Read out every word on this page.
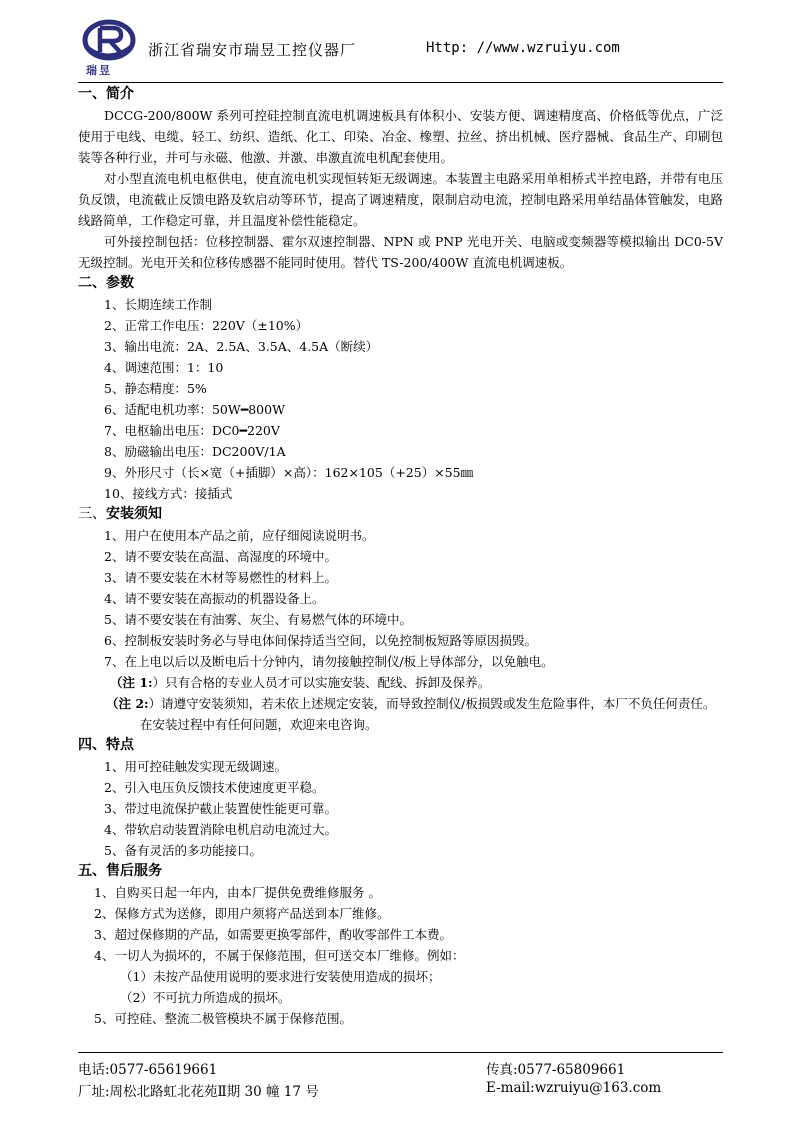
瑞昱
浙江省瑞安市瑞昱工控仪器厂	Http: //www.wzruiyu.com
一、简介
DCCG-200/800W 系列可控硅控制直流电机调速板具有体积小、安装方便、调速精度高、价格低等优点，广泛使用于电线、电缆、轻工、纺织、造纸、化工、印染、冶金、橡塑、拉丝、挤出机械、医疗器械、食品生产、印刷包装等各种行业，并可与永磁、他激、并激、串激直流电机配套使用。
对小型直流电机电枢供电，使直流电机实现恒转矩无级调速。本装置主电路采用单相桥式半控电路，并带有电压负反馈，电流截止反馈电路及软启动等环节，提高了调速精度，限制启动电流，控制电路采用单结晶体管触发，电路线路简单，工作稳定可靠，并且温度补偿性能稳定。
可外接控制包括：位移控制器、霍尔双速控制器、NPN 或 PNP 光电开关、电脑或变频器等模拟输出 DC0-5V 无级控制。光电开关和位移传感器不能同时使用。替代 TS-200/400W 直流电机调速板。
二、参数
1、长期连续工作制
2、正常工作电压：220V（±10%）
3、输出电流：2A、2.5A、3.5A、4.5A（断续）
4、调速范围：1：10
5、静态精度：5%
6、适配电机功率：50W━800W
7、电枢输出电压：DC0━220V
8、励磁输出电压：DC200V/1A
9、外形尺寸（长×宽（+插脚）×高）：162×105（+25）×55㎜
10、接线方式：接插式
三、安装须知
1、用户在使用本产品之前，应仔细阅读说明书。
2、请不要安装在高温、高湿度的环境中。
3、请不要安装在木材等易燃性的材料上。
4、请不要安装在高振动的机器设备上。
5、请不要安装在有油雾、灰尘、有易燃气体的环境中。
6、控制板安装时务必与导电体间保持适当空间，以免控制板短路等原因损毁。
7、在上电以后以及断电后十分钟内，请勿接触控制仪/板上导体部分，以免触电。
（注 1:）只有合格的专业人员才可以实施安装、配线、拆卸及保养。
（注 2:）请遵守安装须知，若未依上述规定安装，而导致控制仪/板损毁或发生危险事件，本厂不负任何责任。在安装过程中有任何问题，欢迎来电咨询。
四、特点
1、用可控硅触发实现无级调速。
2、引入电压负反馈技术使速度更平稳。
3、带过电流保护截止装置使性能更可靠。
4、带软启动装置消除电机启动电流过大。
5、备有灵活的多功能接口。
五、售后服务
1、自购买日起一年内，由本厂提供免费维修服务 。
2、保修方式为送修，即用户须将产品送到本厂维修。
3、超过保修期的产品，如需要更换零部件，酌收零部件工本费。
4、一切人为损坏的，不属于保修范围，但可送交本厂维修。例如：
（1）未按产品使用说明的要求进行安装使用造成的损坏；
（2）不可抗力所造成的损坏。
5、可控硅、整流二极管模块不属于保修范围。
电话:0577-65619661	传真:0577-65809661
厂址:周松北路虹北花苑Ⅱ期 30 幢 17 号	E-mail:wzruiyu@163.com
